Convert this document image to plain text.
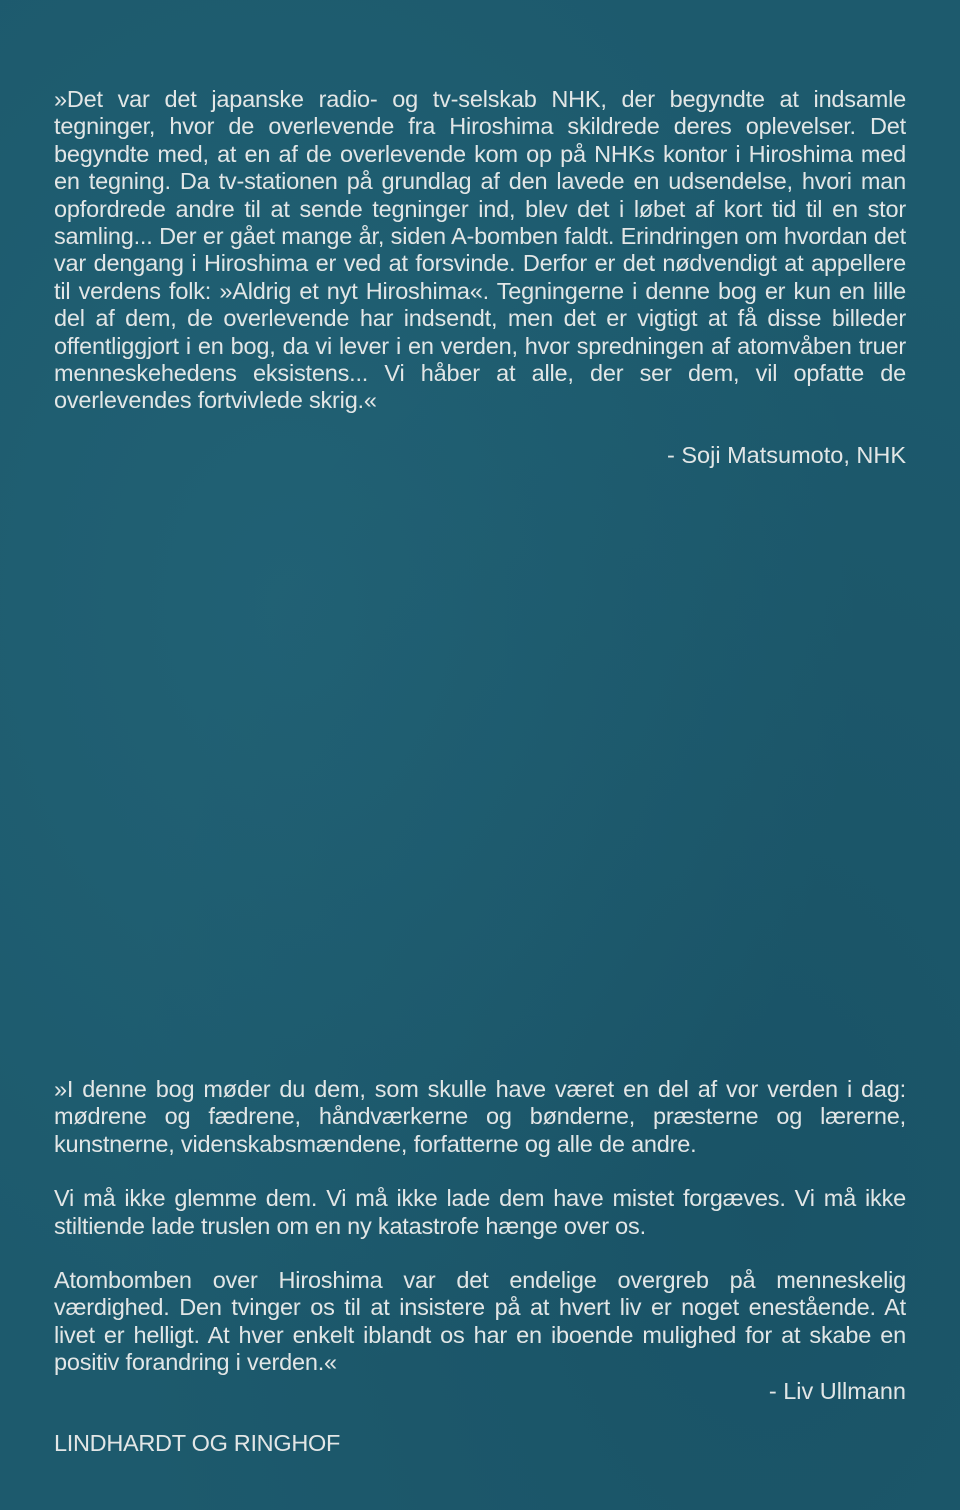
»Det var det japanske radio- og tv-selskab NHK, der begyndte at indsamle tegninger, hvor de overlevende fra Hiroshima skildrede deres oplevelser. Det begyndte med, at en af de overlevende kom op på NHKs kontor i Hiroshima med en tegning. Da tv-stationen på grundlag af den lavede en udsendelse, hvori man opfordrede andre til at sende tegninger ind, blev det i løbet af kort tid til en stor samling... Der er gået mange år, siden A-bomben faldt. Erindringen om hvordan det var dengang i Hiroshima er ved at forsvinde. Derfor er det nødvendigt at appellere til verdens folk: »Aldrig et nyt Hiroshima«. Tegningerne i denne bog er kun en lille del af dem, de overlevende har indsendt, men det er vigtigt at få disse billeder offentliggjort i en bog, da vi lever i en verden, hvor spredningen af atomvåben truer menneskehedens eksistens... Vi håber at alle, der ser dem, vil opfatte de overlevendes fortvivlede skrig.«

- Soji Matsumoto, NHK

»I denne bog møder du dem, som skulle have været en del af vor verden i dag: mødrene og fædrene, håndværkerne og bønderne, præsterne og lærerne, kunstnerne, videnskabsmændene, forfatterne og alle de andre.

Vi må ikke glemme dem. Vi må ikke lade dem have mistet forgæves. Vi må ikke stiltiende lade truslen om en ny katastrofe hænge over os.

Atombomben over Hiroshima var det endelige overgreb på menneskelig værdighed. Den tvinger os til at insistere på at hvert liv er noget enestående. At livet er helligt. At hver enkelt iblandt os har en iboende mulighed for at skabe en positiv forandring i verden.«

- Liv Ullmann
LINDHARDT OG RINGHOF
